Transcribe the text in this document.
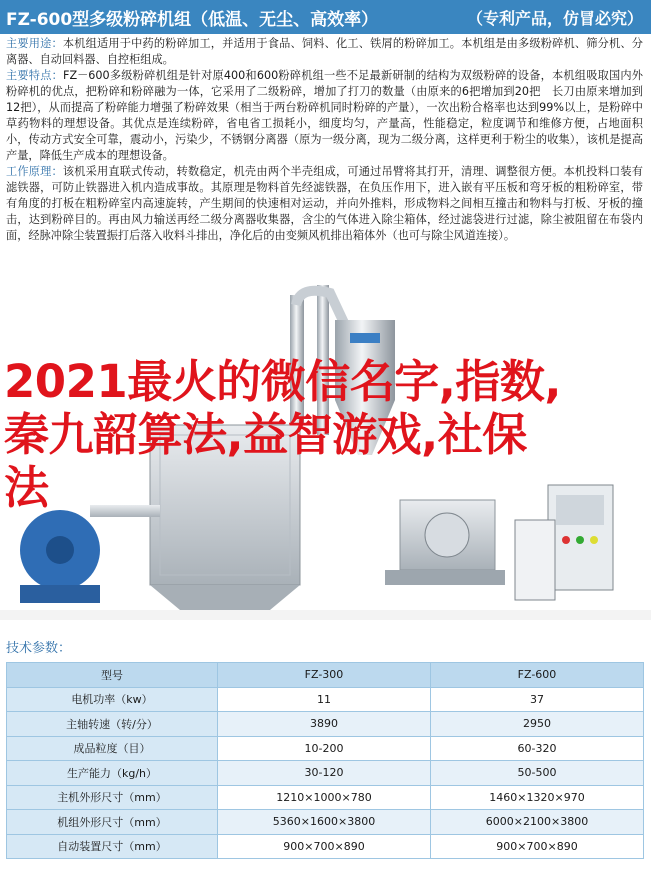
FZ-600型多级粉碎机组（低温、无尘、高效率）	（专利产品，仿冒必究）

主要用途：本机组适用于中药的粉碎加工，并适用于食品、饲料、化工、铁屑的粉碎加工。本机组是由多级粉碎机、筛分机、分离器、自动回料器、自控柜组成。

主要特点：FZ－600多级粉碎机组是针对原400和600粉碎机组一些不足最新研制的结构为双级粉碎的设备，本机组吸取国内外粉碎机的优点，把粉碎和粉碎融为一体，它采用了二级粉碎，增加了打刀的数量（由原来的6把增加到20把　长刀由原来增加到12把），从而提高了粉碎能力增强了粉碎效果（相当于两台粉碎机同时粉碎的产量），一次出粉合格率也达到99%以上，是粉碎中草药物料的理想设备。其优点是连续粉碎，省电省工损耗小，细度均匀，产量高，性能稳定，粒度调节和维修方便，占地面积小，传动方式安全可靠，震动小，污染少，不锈钢分离器（原为一级分离，现为二级分离，这样更利于粉尘的收集），该机是提高产量，降低生产成本的理想设备。

工作原理：该机采用直联式传动，转数稳定，机壳由两个半壳组成，可通过吊臂将其打开，清理、调整很方便。本机投料口装有滤铁器，可防止铁器进入机内造成事故。其原理是物料首先经滤铁器，在负压作用下，进入嵌有平压板和弯牙板的粗粉碎室，带有角度的打板在粗粉碎室内高速旋转，产生期间的快速相对运动，并向外推料，形成物料之间相互撞击和物料与打板、牙板的撞击，达到粉碎目的。再由风力输送再经二级分离器收集器，含尘的气体进入除尘箱体，经过滤袋进行过滤，除尘被阻留在布袋内面，经脉冲除尘装置振打后落入收料斗排出，净化后的由变频风机排出箱体外（也可与除尘风道连接）。

2021最火的微信名字,指数,秦九韶算法,益智游戏,社保法
技术参数：
型号	FZ-300	FZ-600
电机功率（kw）	11	37
主轴转速（转/分）	3890	2950
成品粒度（目）	10-200	60-320
生产能力（kg/h）	30-120	50-500
主机外形尺寸（mm）	1210×1000×780	1460×1320×970
机组外形尺寸（mm）	5360×1600×3800	6000×2100×3800
自动装置尺寸（mm）	900×700×890	900×700×890
